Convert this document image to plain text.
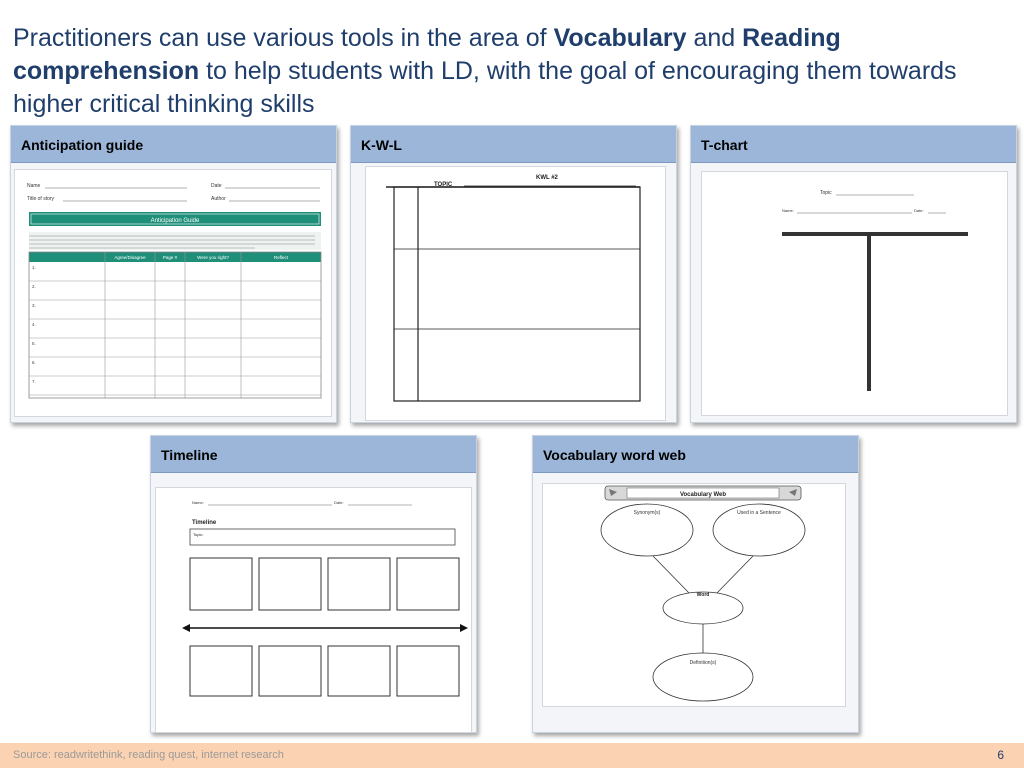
Practitioners can use various tools in the area of Vocabulary and Reading comprehension to help students with LD, with the goal of encouraging them towards higher critical thinking skills
Anticipation guide
Name	Date
Title of story	Author
Anticipation Guide
Agree/Disagree	Page #	Were you right?	Reflect
1.
2.
3.
4.
5.
6.
7.
K-W-L
KWL #2
TOPIC
T-chart
Topic
Name:	Date:
Timeline
Name:	Date:
Timeline
Topic:
Vocabulary word web
Vocabulary Web
Synonym(s)	Used in a Sentence
Word
Definition(s)
Source: readwritethink, reading quest, internet research	6
